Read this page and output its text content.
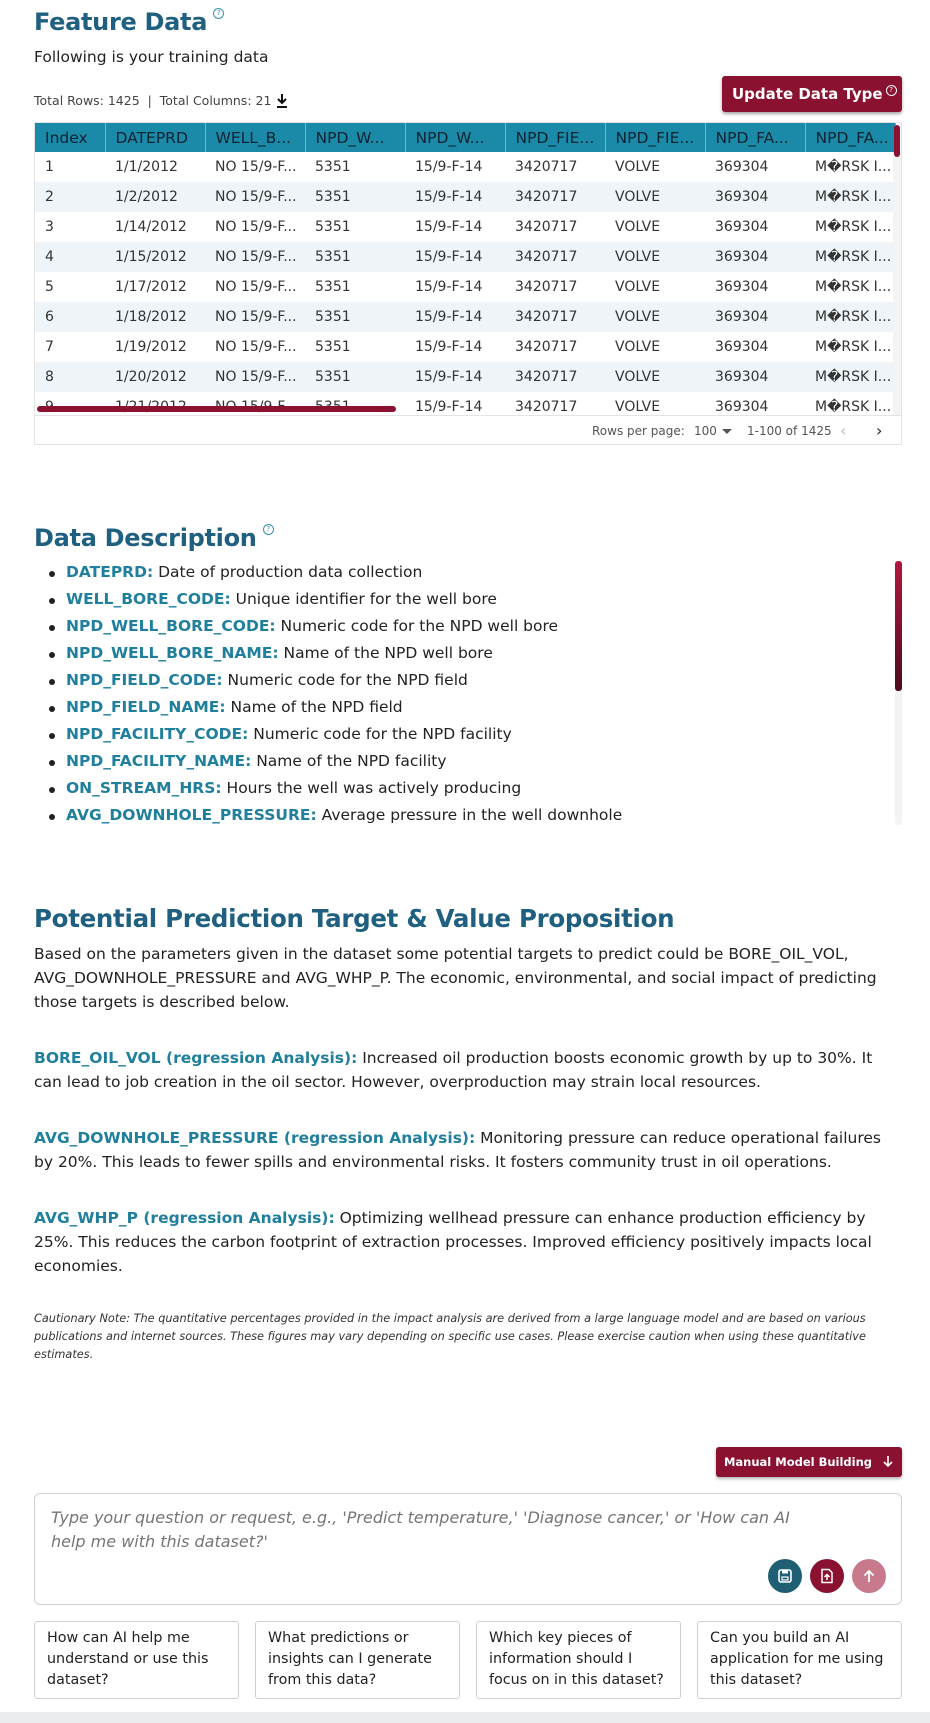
Feature Data ?
Following is your training data
Total Rows: 1425  |  Total Columns: 21	Update Data Type ?
Index	DATEPRD	WELL_B...	NPD_W...	NPD_W...	NPD_FIE...	NPD_FIE...	NPD_FA...	NPD_FA...
1	1/1/2012	NO 15/9-F...	5351	15/9-F-14	3420717	VOLVE	369304	M�RSK I...
2	1/2/2012	NO 15/9-F...	5351	15/9-F-14	3420717	VOLVE	369304	M�RSK I...
3	1/14/2012	NO 15/9-F...	5351	15/9-F-14	3420717	VOLVE	369304	M�RSK I...
4	1/15/2012	NO 15/9-F...	5351	15/9-F-14	3420717	VOLVE	369304	M�RSK I...
5	1/17/2012	NO 15/9-F...	5351	15/9-F-14	3420717	VOLVE	369304	M�RSK I...
6	1/18/2012	NO 15/9-F...	5351	15/9-F-14	3420717	VOLVE	369304	M�RSK I...
7	1/19/2012	NO 15/9-F...	5351	15/9-F-14	3420717	VOLVE	369304	M�RSK I...
8	1/20/2012	NO 15/9-F...	5351	15/9-F-14	3420717	VOLVE	369304	M�RSK I...
				15/9-F-14	3420717	VOLVE	369304	M�RSK I...
Rows per page: 100	1-100 of 1425 ‹ ›
Data Description ?
DATEPRD: Date of production data collection
WELL_BORE_CODE: Unique identifier for the well bore
NPD_WELL_BORE_CODE: Numeric code for the NPD well bore
NPD_WELL_BORE_NAME: Name of the NPD well bore
NPD_FIELD_CODE: Numeric code for the NPD field
NPD_FIELD_NAME: Name of the NPD field
NPD_FACILITY_CODE: Numeric code for the NPD facility
NPD_FACILITY_NAME: Name of the NPD facility
ON_STREAM_HRS: Hours the well was actively producing
AVG_DOWNHOLE_PRESSURE: Average pressure in the well downhole
Potential Prediction Target & Value Proposition
Based on the parameters given in the dataset some potential targets to predict could be BORE_OIL_VOL, AVG_DOWNHOLE_PRESSURE and AVG_WHP_P. The economic, environmental, and social impact of predicting those targets is described below.
BORE_OIL_VOL (regression Analysis): Increased oil production boosts economic growth by up to 30%. It can lead to job creation in the oil sector. However, overproduction may strain local resources.
AVG_DOWNHOLE_PRESSURE (regression Analysis): Monitoring pressure can reduce operational failures by 20%. This leads to fewer spills and environmental risks. It fosters community trust in oil operations.
AVG_WHP_P (regression Analysis): Optimizing wellhead pressure can enhance production efficiency by 25%. This reduces the carbon footprint of extraction processes. Improved efficiency positively impacts local economies.
Cautionary Note: The quantitative percentages provided in the impact analysis are derived from a large language model and are based on various publications and internet sources. These figures may vary depending on specific use cases. Please exercise caution when using these quantitative estimates.
Manual Model Building
Type your question or request, e.g., 'Predict temperature,' 'Diagnose cancer,' or 'How can AI help me with this dataset?'
How can AI help me understand or use this dataset?
What predictions or insights can I generate from this data?
Which key pieces of information should I focus on in this dataset?
Can you build an AI application for me using this dataset?
